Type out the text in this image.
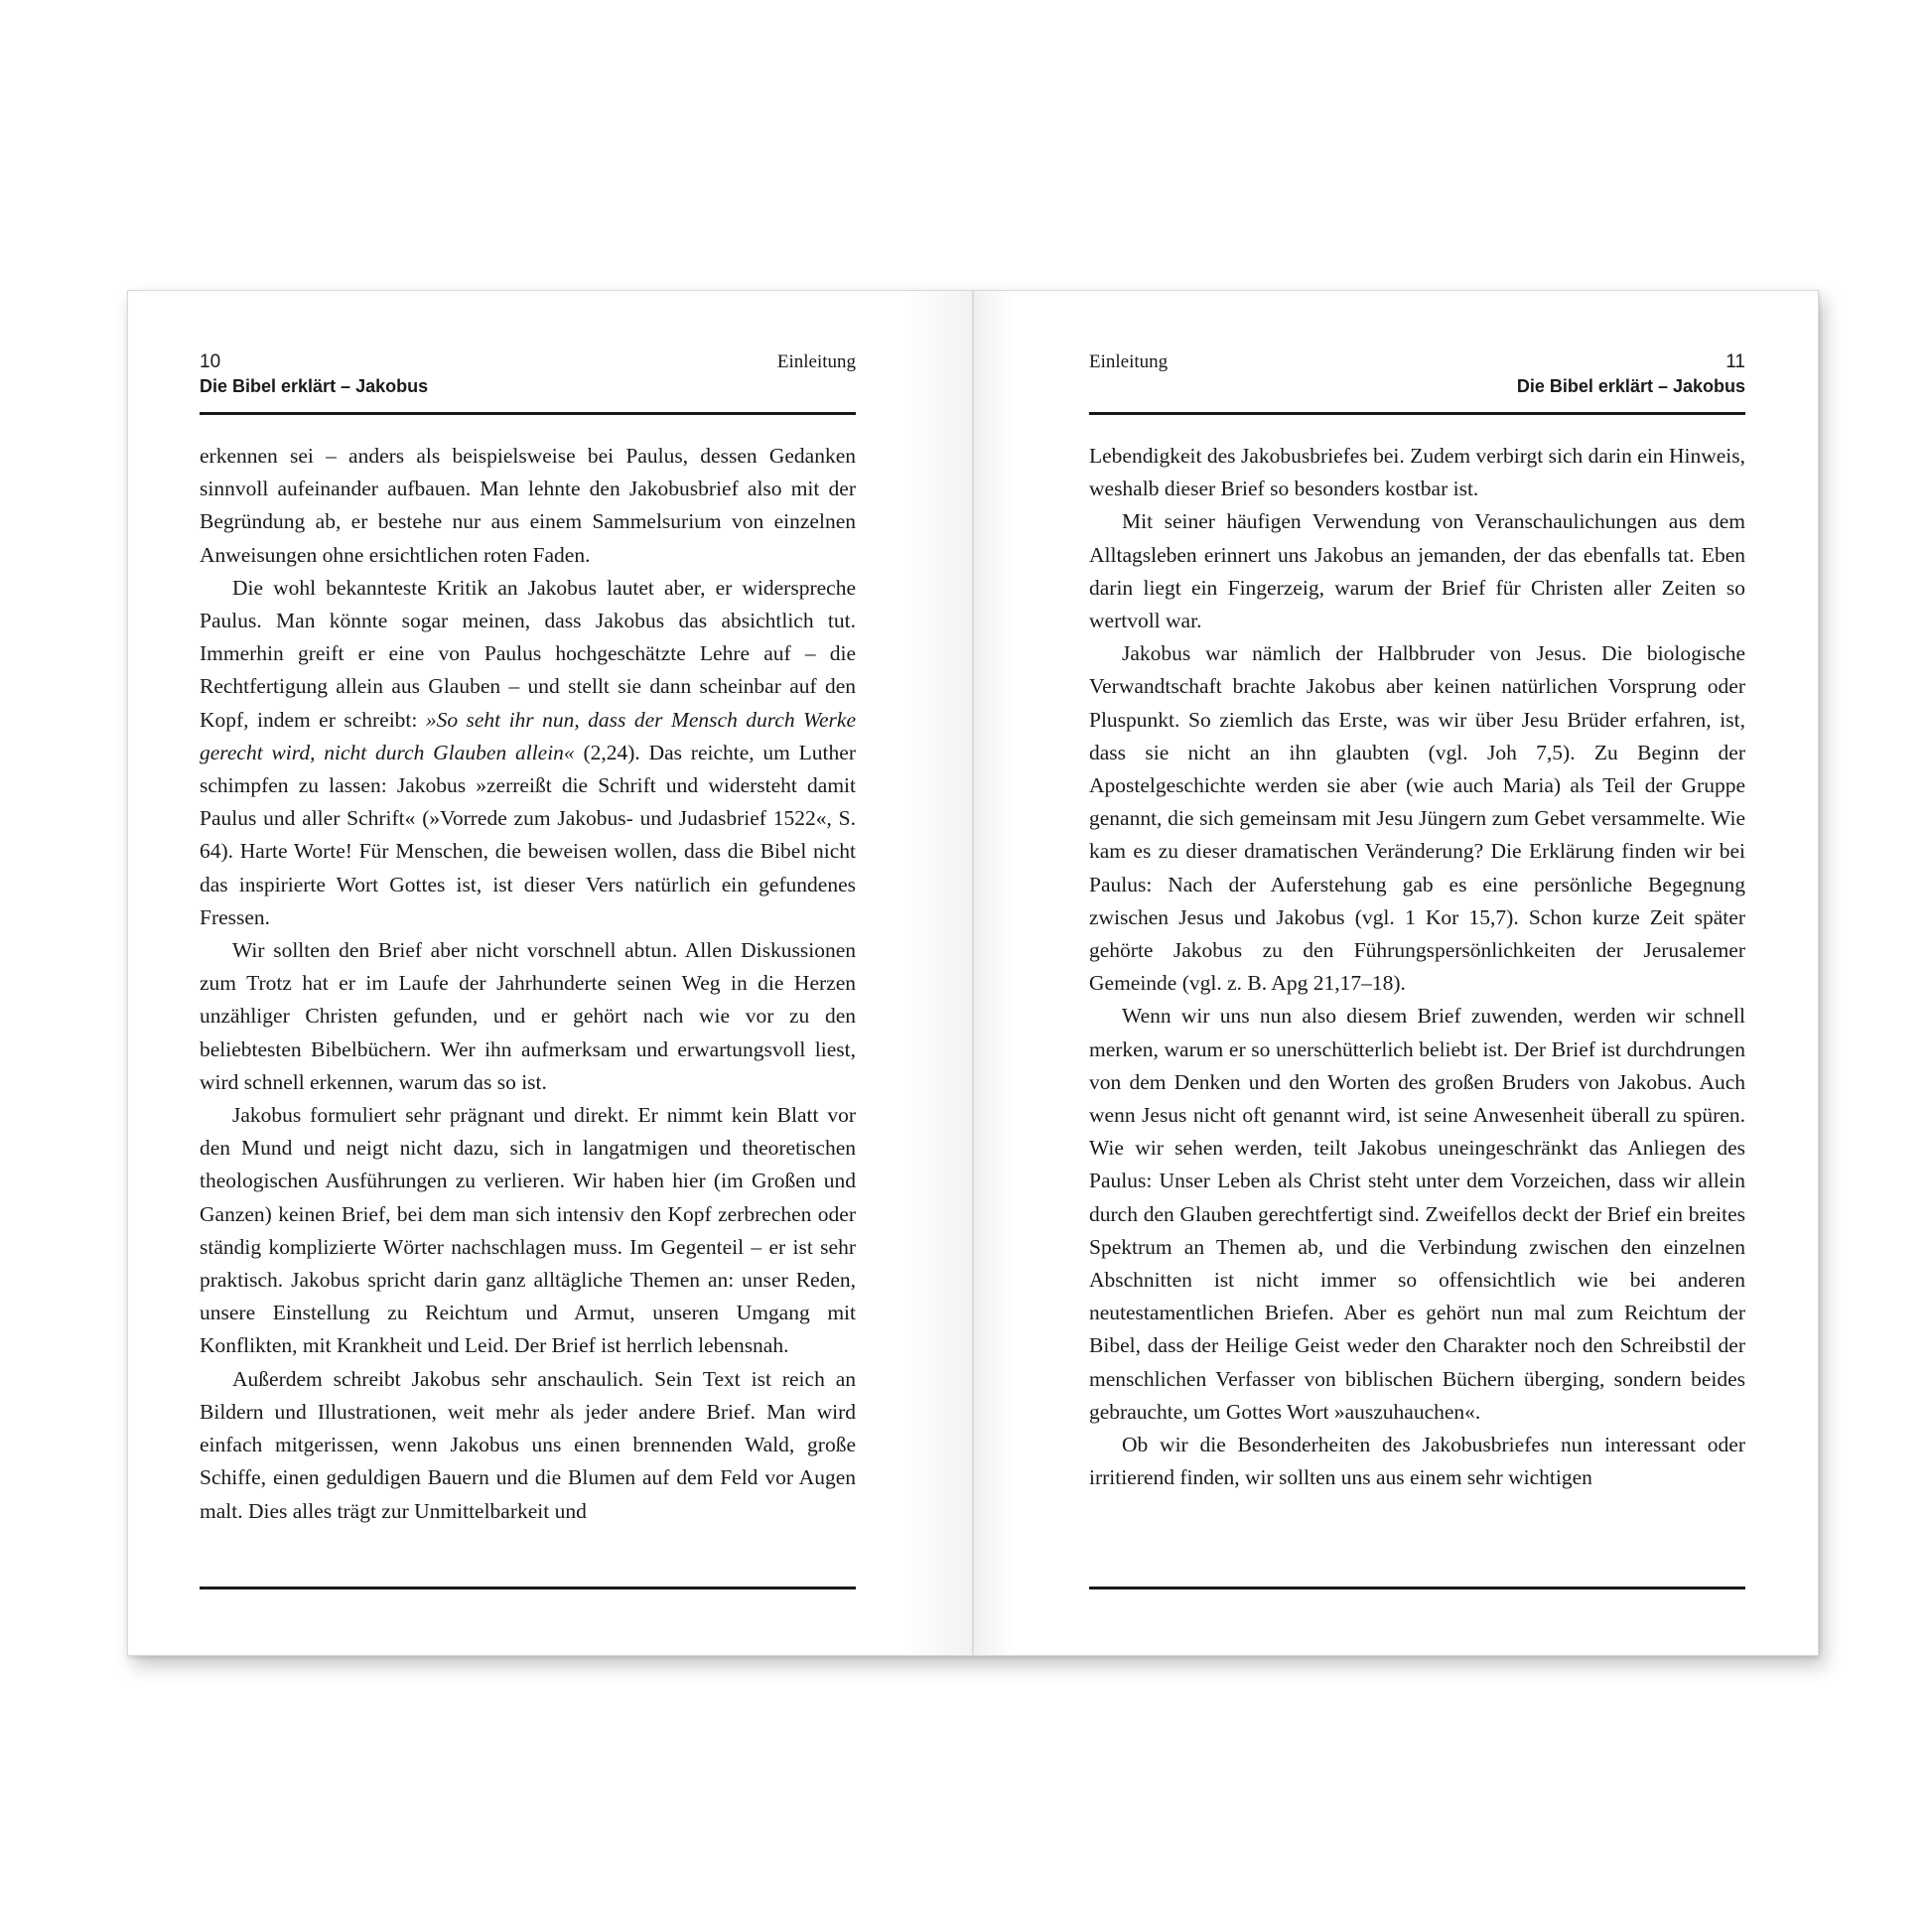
10
Die Bibel erklärt – Jakobus
Einleitung

erkennen sei – anders als beispielsweise bei Paulus, dessen Gedanken sinnvoll aufeinander aufbauen. Man lehnte den Jakobusbrief also mit der Begründung ab, er bestehe nur aus einem Sammelsurium von einzelnen Anweisungen ohne ersichtlichen roten Faden.

Die wohl bekannteste Kritik an Jakobus lautet aber, er widerspreche Paulus. Man könnte sogar meinen, dass Jakobus das absichtlich tut. Immerhin greift er eine von Paulus hochgeschätzte Lehre auf – die Rechtfertigung allein aus Glauben – und stellt sie dann scheinbar auf den Kopf, indem er schreibt: »So seht ihr nun, dass der Mensch durch Werke gerecht wird, nicht durch Glauben allein« (2,24). Das reichte, um Luther schimpfen zu lassen: Jakobus »zerreißt die Schrift und widersteht damit Paulus und aller Schrift« (»Vorrede zum Jakobus- und Judasbrief 1522«, S. 64). Harte Worte! Für Menschen, die beweisen wollen, dass die Bibel nicht das inspirierte Wort Gottes ist, ist dieser Vers natürlich ein gefundenes Fressen.

Wir sollten den Brief aber nicht vorschnell abtun. Allen Diskussionen zum Trotz hat er im Laufe der Jahrhunderte seinen Weg in die Herzen unzähliger Christen gefunden, und er gehört nach wie vor zu den beliebtesten Bibelbüchern. Wer ihn aufmerksam und erwartungsvoll liest, wird schnell erkennen, warum das so ist.

Jakobus formuliert sehr prägnant und direkt. Er nimmt kein Blatt vor den Mund und neigt nicht dazu, sich in langatmigen und theoretischen theologischen Ausführungen zu verlieren. Wir haben hier (im Großen und Ganzen) keinen Brief, bei dem man sich intensiv den Kopf zerbrechen oder ständig komplizierte Wörter nachschlagen muss. Im Gegenteil – er ist sehr praktisch. Jakobus spricht darin ganz alltägliche Themen an: unser Reden, unsere Einstellung zu Reichtum und Armut, unseren Umgang mit Konflikten, mit Krankheit und Leid. Der Brief ist herrlich lebensnah.

Außerdem schreibt Jakobus sehr anschaulich. Sein Text ist reich an Bildern und Illustrationen, weit mehr als jeder andere Brief. Man wird einfach mitgerissen, wenn Jakobus uns einen brennenden Wald, große Schiffe, einen geduldigen Bauern und die Blumen auf dem Feld vor Augen malt. Dies alles trägt zur Unmittelbarkeit und

Einleitung	11
Die Bibel erklärt – Jakobus

Lebendigkeit des Jakobusbriefes bei. Zudem verbirgt sich darin ein Hinweis, weshalb dieser Brief so besonders kostbar ist.

Mit seiner häufigen Verwendung von Veranschaulichungen aus dem Alltagsleben erinnert uns Jakobus an jemanden, der das ebenfalls tat. Eben darin liegt ein Fingerzeig, warum der Brief für Christen aller Zeiten so wertvoll war.

Jakobus war nämlich der Halbbruder von Jesus. Die biologische Verwandtschaft brachte Jakobus aber keinen natürlichen Vorsprung oder Pluspunkt. So ziemlich das Erste, was wir über Jesu Brüder erfahren, ist, dass sie nicht an ihn glaubten (vgl. Joh 7,5). Zu Beginn der Apostelgeschichte werden sie aber (wie auch Maria) als Teil der Gruppe genannt, die sich gemeinsam mit Jesu Jüngern zum Gebet versammelte. Wie kam es zu dieser dramatischen Veränderung? Die Erklärung finden wir bei Paulus: Nach der Auferstehung gab es eine persönliche Begegnung zwischen Jesus und Jakobus (vgl. 1 Kor 15,7). Schon kurze Zeit später gehörte Jakobus zu den Führungspersönlichkeiten der Jerusalemer Gemeinde (vgl. z. B. Apg 21,17–18).

Wenn wir uns nun also diesem Brief zuwenden, werden wir schnell merken, warum er so unerschütterlich beliebt ist. Der Brief ist durchdrungen von dem Denken und den Worten des großen Bruders von Jakobus. Auch wenn Jesus nicht oft genannt wird, ist seine Anwesenheit überall zu spüren. Wie wir sehen werden, teilt Jakobus uneingeschränkt das Anliegen des Paulus: Unser Leben als Christ steht unter dem Vorzeichen, dass wir allein durch den Glauben gerechtfertigt sind. Zweifellos deckt der Brief ein breites Spektrum an Themen ab, und die Verbindung zwischen den einzelnen Abschnitten ist nicht immer so offensichtlich wie bei anderen neutestamentlichen Briefen. Aber es gehört nun mal zum Reichtum der Bibel, dass der Heilige Geist weder den Charakter noch den Schreibstil der menschlichen Verfasser von biblischen Büchern überging, sondern beides gebrauchte, um Gottes Wort »auszuhauchen«.

Ob wir die Besonderheiten des Jakobusbriefes nun interessant oder irritierend finden, wir sollten uns aus einem sehr wichtigen
